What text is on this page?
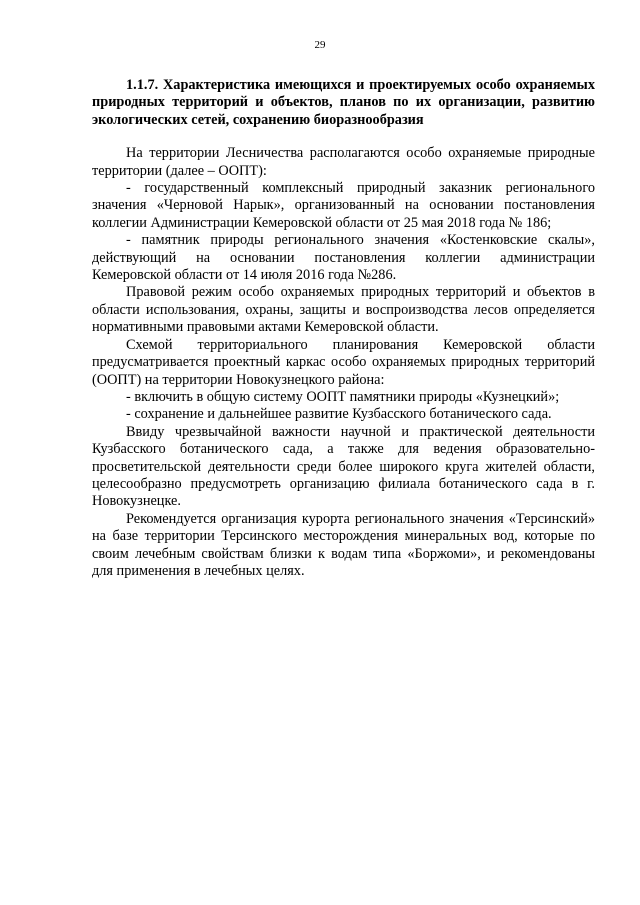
29

1.1.7. Характеристика имеющихся и проектируемых особо охраняемых природных территорий и объектов, планов по их организации, развитию экологических сетей, сохранению биоразнообразия

На территории Лесничества располагаются особо охраняемые природные территории (далее – ООПТ):

- государственный комплексный природный заказник регионального значения «Черновой Нарык», организованный на основании постановления коллегии Администрации Кемеровской области от 25 мая 2018 года № 186;

- памятник природы регионального значения «Костенковские скалы», действующий на основании постановления коллегии администрации Кемеровской области от 14 июля 2016 года №286.

Правовой режим особо охраняемых природных территорий и объектов в области использования, охраны, защиты и воспроизводства лесов определяется нормативными правовыми актами Кемеровской области.

Схемой территориального планирования Кемеровской области предусматривается проектный каркас особо охраняемых природных территорий (ООПТ) на территории Новокузнецкого района:

- включить в общую систему ООПТ памятники природы «Кузнецкий»;

- сохранение и дальнейшее развитие Кузбасского ботанического сада.

Ввиду чрезвычайной важности научной и практической деятельности Кузбасского ботанического сада, а также для ведения образовательно-просветительской деятельности среди более широкого круга жителей области, целесообразно предусмотреть организацию филиала ботанического сада в г. Новокузнецке.

Рекомендуется организация курорта регионального значения «Терсинский» на базе территории Терсинского месторождения минеральных вод, которые по своим лечебным свойствам близки к водам типа «Боржоми», и рекомендованы для применения в лечебных целях.
